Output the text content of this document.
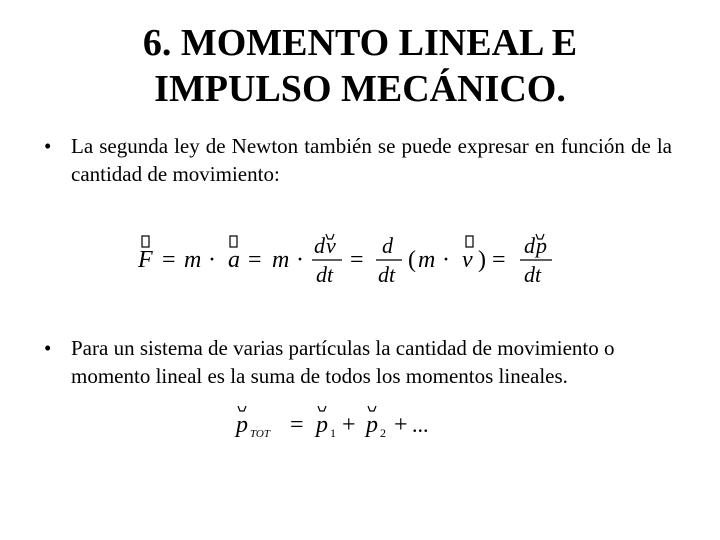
6. MOMENTO LINEAL E
IMPULSO MECÁNICO.
• La segunda ley de Newton también se puede expresar en función de la cantidad de movimiento:
F = m · a = m ·
d v
dt
=
d
dt
( m · v ) =
d p
dt
• Para un sistema de varias partículas la cantidad de movimiento o momento lineal es la suma de todos los momentos lineales.
p TOT = p 1 + p 2 + ...
